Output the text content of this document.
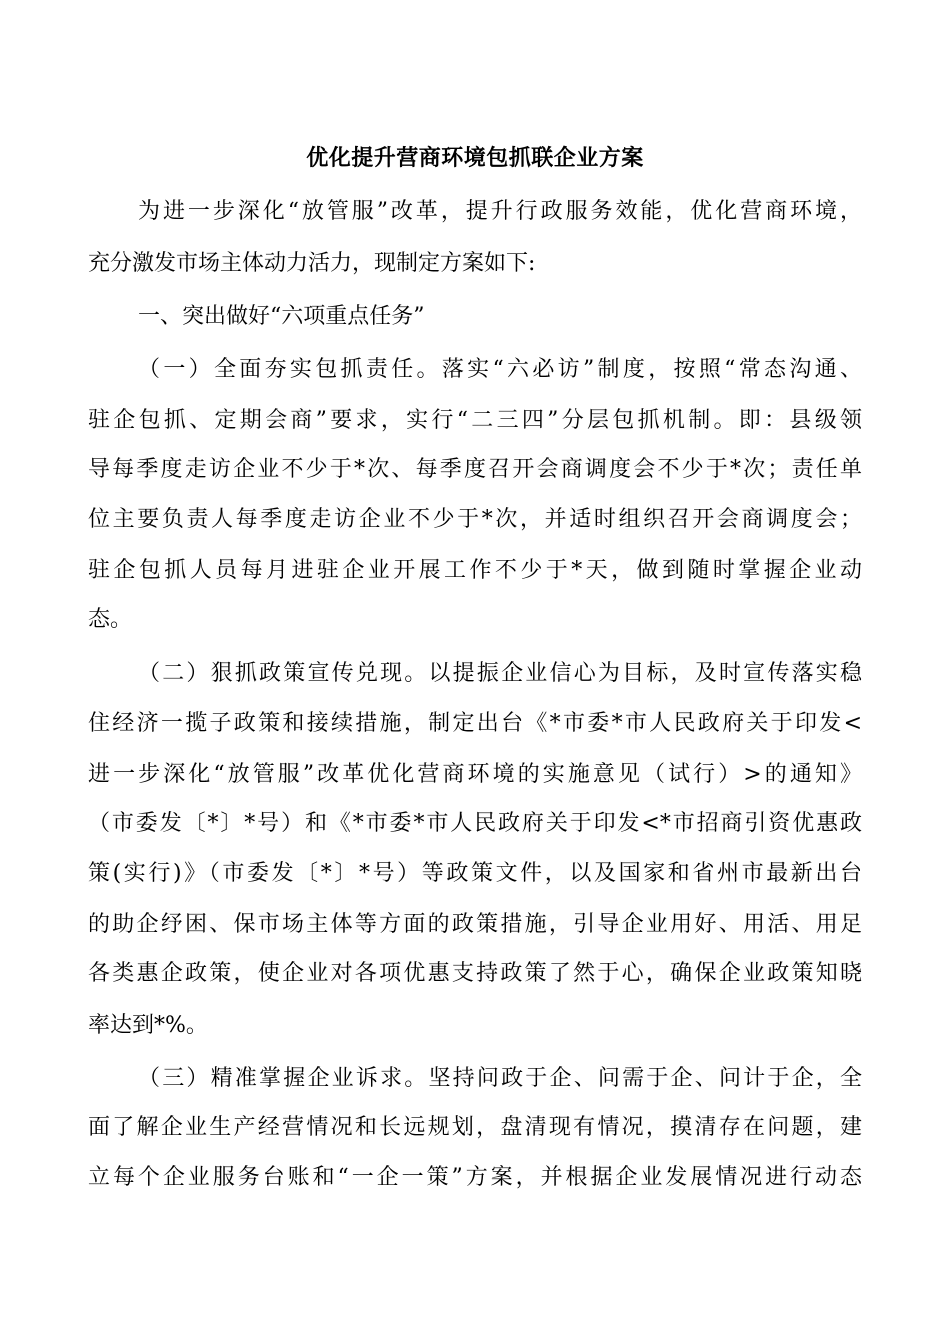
优化提升营商环境包抓联企业方案
为进一步深化“放管服”改革，提升行政服务效能，优化营商环境，
充分激发市场主体动力活力，现制定方案如下:
一、突出做好“六项重点任务”
（一）全面夯实包抓责任。落实“六必访”制度，按照“常态沟通、
驻企包抓、定期会商”要求，实行“二三四”分层包抓机制。即：县级领
导每季度走访企业不少于*次、每季度召开会商调度会不少于*次；责任单
位主要负责人每季度走访企业不少于*次，并适时组织召开会商调度会；
驻企包抓人员每月进驻企业开展工作不少于*天，做到随时掌握企业动
态。
（二）狠抓政策宣传兑现。以提振企业信心为目标，及时宣传落实稳
住经济一揽子政策和接续措施，制定出台《*市委*市人民政府关于印发<
进一步深化“放管服”改革优化营商环境的实施意见（试行）>的通知》
（市委发〔*〕*号）和《*市委*市人民政府关于印发<*市招商引资优惠政
策(实行)》（市委发〔*〕*号）等政策文件，以及国家和省州市最新出台
的助企纾困、保市场主体等方面的政策措施，引导企业用好、用活、用足
各类惠企政策，使企业对各项优惠支持政策了然于心，确保企业政策知晓
率达到*%。
（三）精准掌握企业诉求。坚持问政于企、问需于企、问计于企，全
面了解企业生产经营情况和长远规划，盘清现有情况，摸清存在问题，建
立每个企业服务台账和“一企一策”方案，并根据企业发展情况进行动态
